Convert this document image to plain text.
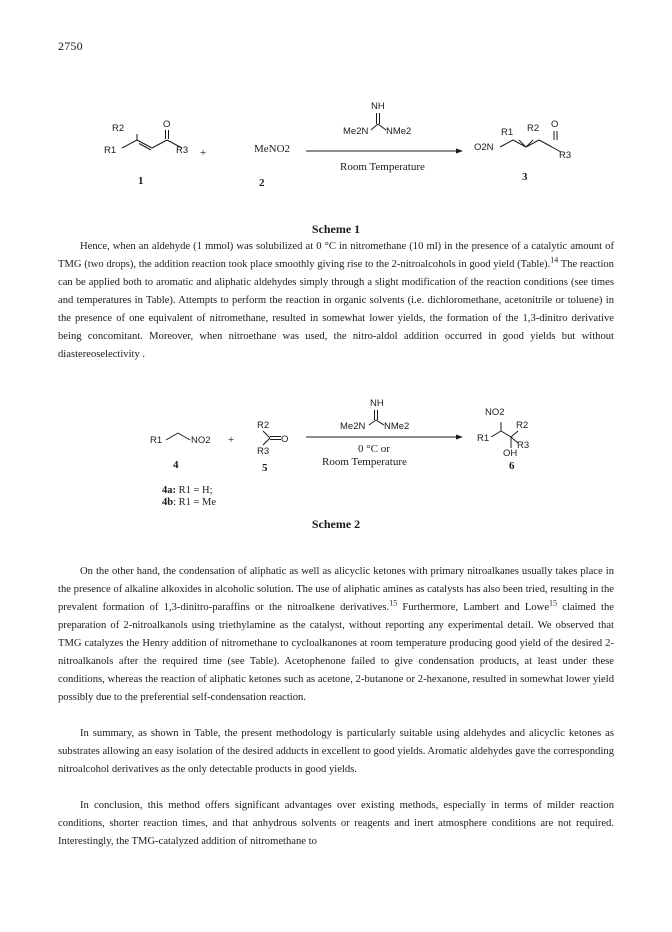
2750
R2	O
R1	R3 +	MeNO2
NH
Me2N NMe2
Room Temperature
R1 R2 O
O2N
R3
1	2	3
Scheme 1

Hence, when an aldehyde (1 mmol) was solubilized at 0 °C in nitromethane (10 ml) in the presence of a catalytic amount of TMG (two drops), the addition reaction took place smoothly giving rise to the 2-nitroalcohols in good yield (Table).$^{14}$ The reaction can be applied both to aromatic and aliphatic aldehydes simply through a slight modification of the reaction conditions (see times and temperatures in Table). Attempts to perform the reaction in organic solvents (i.e. dichloromethane, acetonitrile or toluene) in the presence of one equivalent of nitromethane, resulted in somewhat lower yields, the formation of the 1,3-dinitro derivative being concomitant. Moreover, when nitroethane was used, the nitro-aldol addition occurred in good yields but without diastereoselectivity .

R1	NO2 +
R2
O
R3
NH
Me2N NMe2
0 °C or
Room Temperature
NO2
R2
R1
R3
OH
4	5	6
4a: R1 = H;
4b: R1 = Me
Scheme 2

On the other hand, the condensation of aliphatic as well as alicyclic ketones with primary nitroalkanes usually takes place in the presence of alkaline alkoxides in alcoholic solution. The use of aliphatic amines as catalysts has also been tried, resulting in the prevalent formation of 1,3-dinitro-paraffins or the nitroalkene derivatives.$^{15}$ Furthermore, Lambert and Lowe$^{15}$ claimed the preparation of 2-nitroalkanols using triethylamine as the catalyst, without reporting any experimental detail. We observed that TMG catalyzes the Henry addition of nitromethane to cycloalkanones at room temperature producing good yield of the desired 2-nitroalkanols after the required time (see Table). Acetophenone failed to give condensation products, at least under these conditions, whereas the reaction of aliphatic ketones such as acetone, 2-butanone or 2-hexanone, resulted in somewhat lower yield possibly due to the preferential self-condensation reaction.

In summary, as shown in Table, the present methodology is particularly suitable using aldehydes and alicyclic ketones as substrates allowing an easy isolation of the desired adducts in excellent to good yields. Aromatic aldehydes gave the corresponding nitroalcohol derivatives as the only detectable products in good yields.

In conclusion, this method offers significant advantages over existing methods, especially in terms of milder reaction conditions, shorter reaction times, and that anhydrous solvents or reagents and inert atmosphere conditions are not required. Interestingly, the TMG-catalyzed addition of nitromethane to
